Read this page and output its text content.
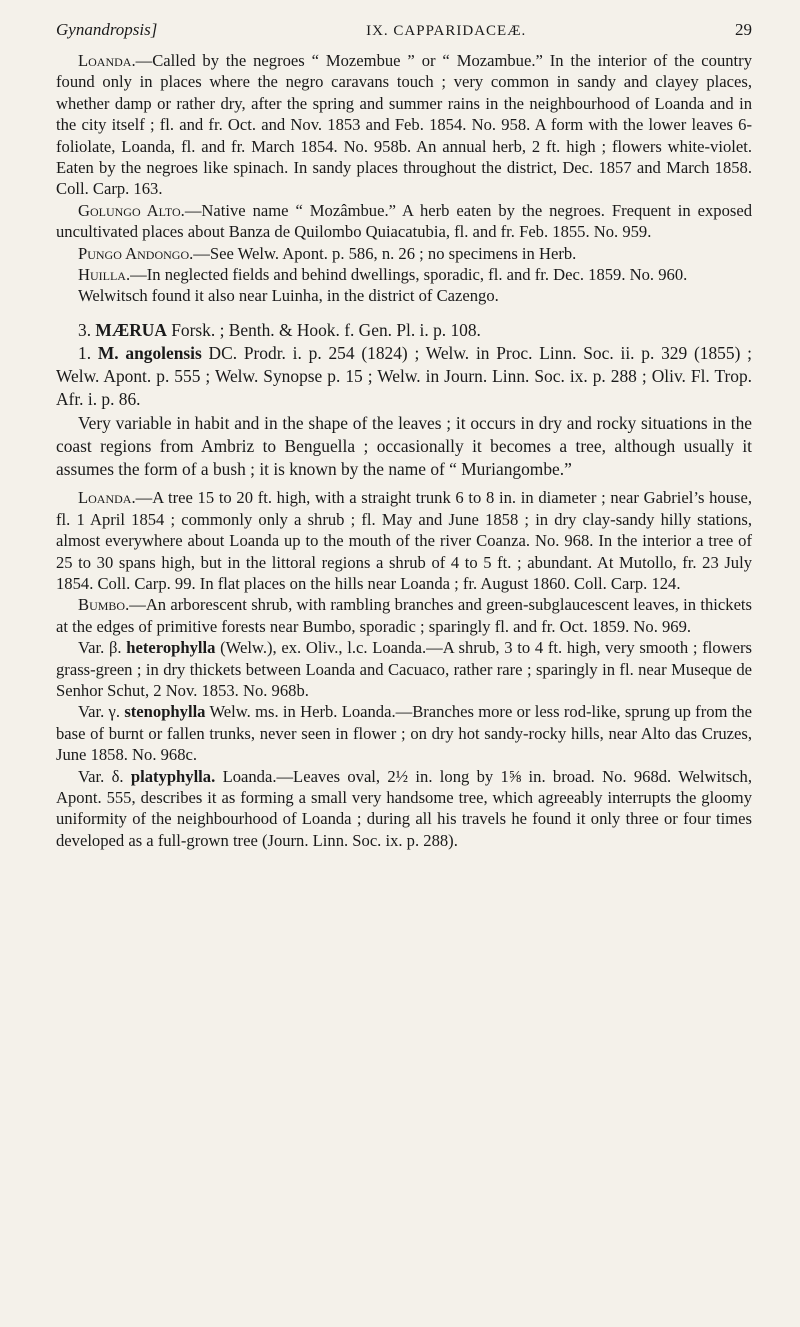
Gynandropsis]	IX. CAPPARIDACEÆ.	29

Loanda.—Called by the negroes “ Mozembue ” or “ Mozambue.” In the interior of the country found only in places where the negro caravans touch ; very common in sandy and clayey places, whether damp or rather dry, after the spring and summer rains in the neighbourhood of Loanda and in the city itself ; fl. and fr. Oct. and Nov. 1853 and Feb. 1854. No. 958. A form with the lower leaves 6-foliolate, Loanda, fl. and fr. March 1854. No. 958b. An annual herb, 2 ft. high ; flowers white-violet. Eaten by the negroes like spinach. In sandy places throughout the district, Dec. 1857 and March 1858. Coll. Carp. 163.

Golungo Alto.—Native name “ Mozâmbue.” A herb eaten by the negroes. Frequent in exposed uncultivated places about Banza de Quilombo Quiacatubia, fl. and fr. Feb. 1855. No. 959.

Pungo Andongo.—See Welw. Apont. p. 586, n. 26 ; no specimens in Herb.

Huilla.—In neglected fields and behind dwellings, sporadic, fl. and fr. Dec. 1859. No. 960.

Welwitsch found it also near Luinha, in the district of Cazengo.

3. MÆRUA Forsk. ; Benth. & Hook. f. Gen. Pl. i. p. 108.

1. M. angolensis DC. Prodr. i. p. 254 (1824) ; Welw. in Proc. Linn. Soc. ii. p. 329 (1855) ; Welw. Apont. p. 555 ; Welw. Synopse p. 15 ; Welw. in Journ. Linn. Soc. ix. p. 288 ; Oliv. Fl. Trop. Afr. i. p. 86.

Very variable in habit and in the shape of the leaves ; it occurs in dry and rocky situations in the coast regions from Ambriz to Benguella ; occasionally it becomes a tree, although usually it assumes the form of a bush ; it is known by the name of “ Muriangombe.”

Loanda.—A tree 15 to 20 ft. high, with a straight trunk 6 to 8 in. in diameter ; near Gabriel’s house, fl. 1 April 1854 ; commonly only a shrub ; fl. May and June 1858 ; in dry clay-sandy hilly stations, almost everywhere about Loanda up to the mouth of the river Coanza. No. 968. In the interior a tree of 25 to 30 spans high, but in the littoral regions a shrub of 4 to 5 ft. ; abundant. At Mutollo, fr. 23 July 1854. Coll. Carp. 99. In flat places on the hills near Loanda ; fr. August 1860. Coll. Carp. 124.

Bumbo.—An arborescent shrub, with rambling branches and green-subglaucescent leaves, in thickets at the edges of primitive forests near Bumbo, sporadic ; sparingly fl. and fr. Oct. 1859. No. 969.

Var. β. heterophylla (Welw.), ex. Oliv., l.c. Loanda.—A shrub, 3 to 4 ft. high, very smooth ; flowers grass-green ; in dry thickets between Loanda and Cacuaco, rather rare ; sparingly in fl. near Museque de Senhor Schut, 2 Nov. 1853. No. 968b.

Var. γ. stenophylla Welw. ms. in Herb. Loanda.—Branches more or less rod-like, sprung up from the base of burnt or fallen trunks, never seen in flower ; on dry hot sandy-rocky hills, near Alto das Cruzes, June 1858. No. 968c.

Var. δ. platyphylla. Loanda.—Leaves oval, 2½ in. long by 1⅝ in. broad. No. 968d. Welwitsch, Apont. 555, describes it as forming a small very handsome tree, which agreeably interrupts the gloomy uniformity of the neighbourhood of Loanda ; during all his travels he found it only three or four times developed as a full-grown tree (Journ. Linn. Soc. ix. p. 288).
